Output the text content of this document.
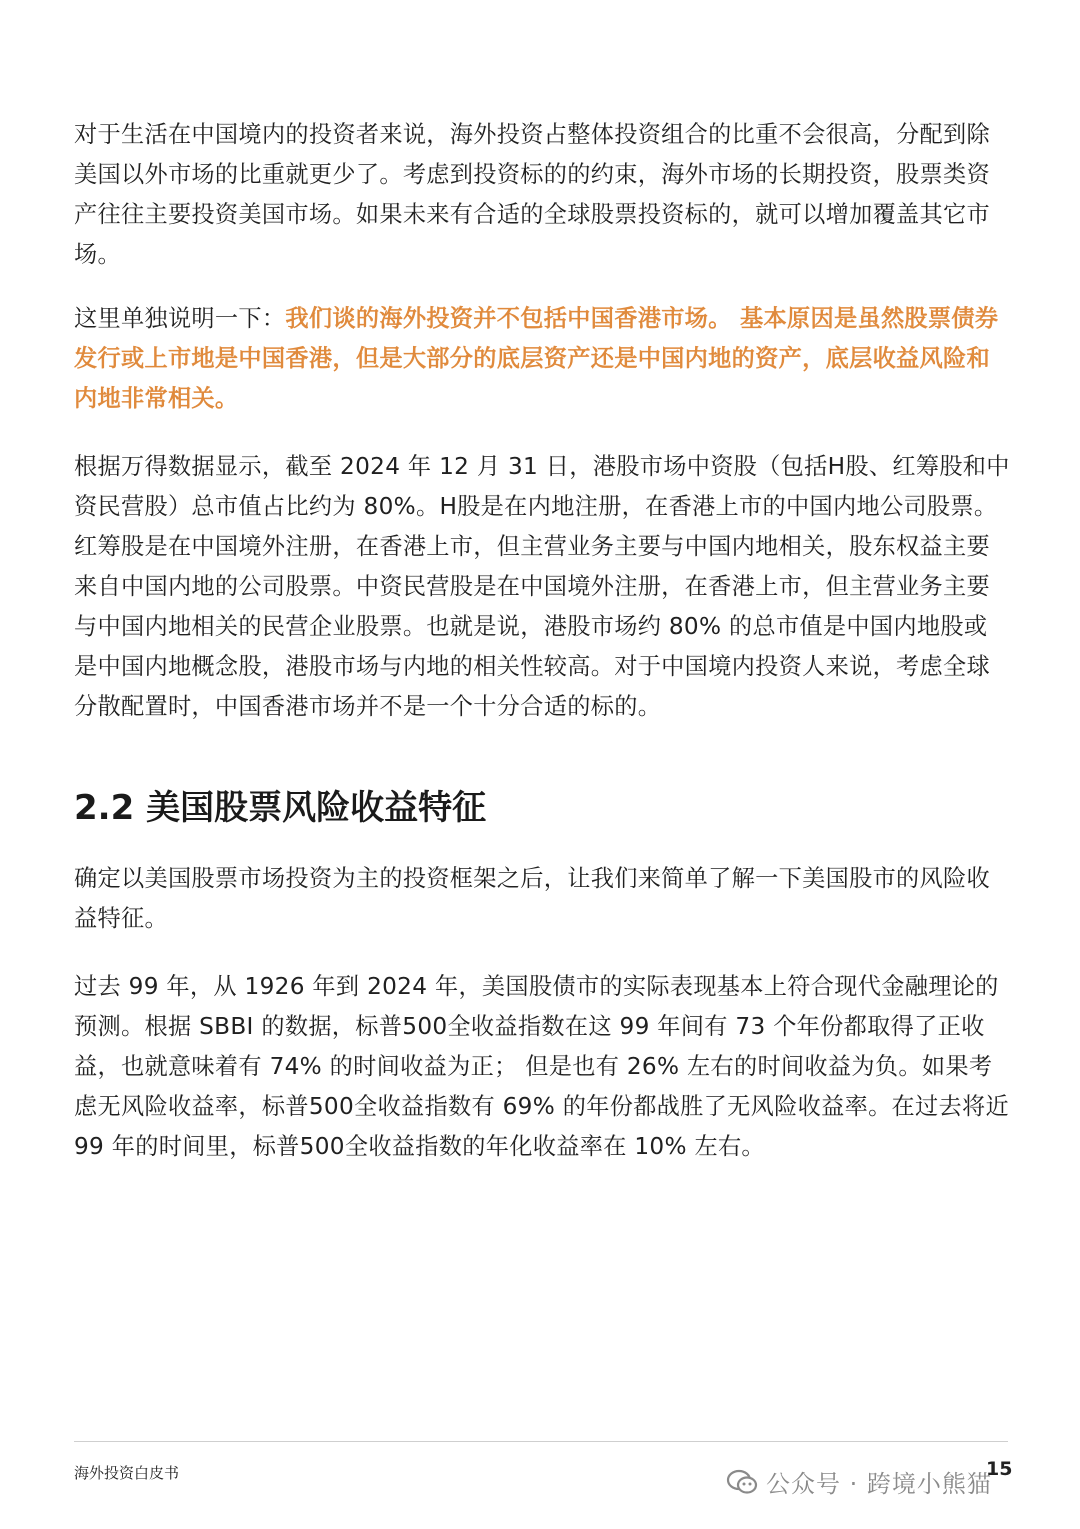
对于生活在中国境内的投资者来说，海外投资占整体投资组合的比重不会很高，分配到除美国以外市场的比重就更少了。考虑到投资标的的约束，海外市场的长期投资，股票类资产往往主要投资美国市场。如果未来有合适的全球股票投资标的，就可以增加覆盖其它市场。

这里单独说明一下：我们谈的海外投资并不包括中国香港市场。 基本原因是虽然股票债券发行或上市地是中国香港，但是大部分的底层资产还是中国内地的资产，底层收益风险和内地非常相关。

根据万得数据显示，截至 2024 年 12 月 31 日，港股市场中资股（包括H股、红筹股和中资民营股）总市值占比约为 80%。H股是在内地注册，在香港上市的中国内地公司股票。红筹股是在中国境外注册，在香港上市，但主营业务主要与中国内地相关，股东权益主要来自中国内地的公司股票。中资民营股是在中国境外注册，在香港上市，但主营业务主要与中国内地相关的民营企业股票。也就是说，港股市场约 80% 的总市值是中国内地股或是中国内地概念股，港股市场与内地的相关性较高。对于中国境内投资人来说，考虑全球分散配置时，中国香港市场并不是一个十分合适的标的。

2.2 美国股票风险收益特征

确定以美国股票市场投资为主的投资框架之后，让我们来简单了解一下美国股市的风险收益特征。

过去 99 年，从 1926 年到 2024 年，美国股债市的实际表现基本上符合现代金融理论的预测。根据 SBBI 的数据，标普500全收益指数在这 99 年间有 73 个年份都取得了正收益，也就意味着有 74% 的时间收益为正； 但是也有 26% 左右的时间收益为负。如果考虑无风险收益率，标普500全收益指数有 69% 的年份都战胜了无风险收益率。在过去将近 99 年的时间里，标普500全收益指数的年化收益率在 10% 左右。

海外投资白皮书	15
公众号 · 跨境小熊猫
